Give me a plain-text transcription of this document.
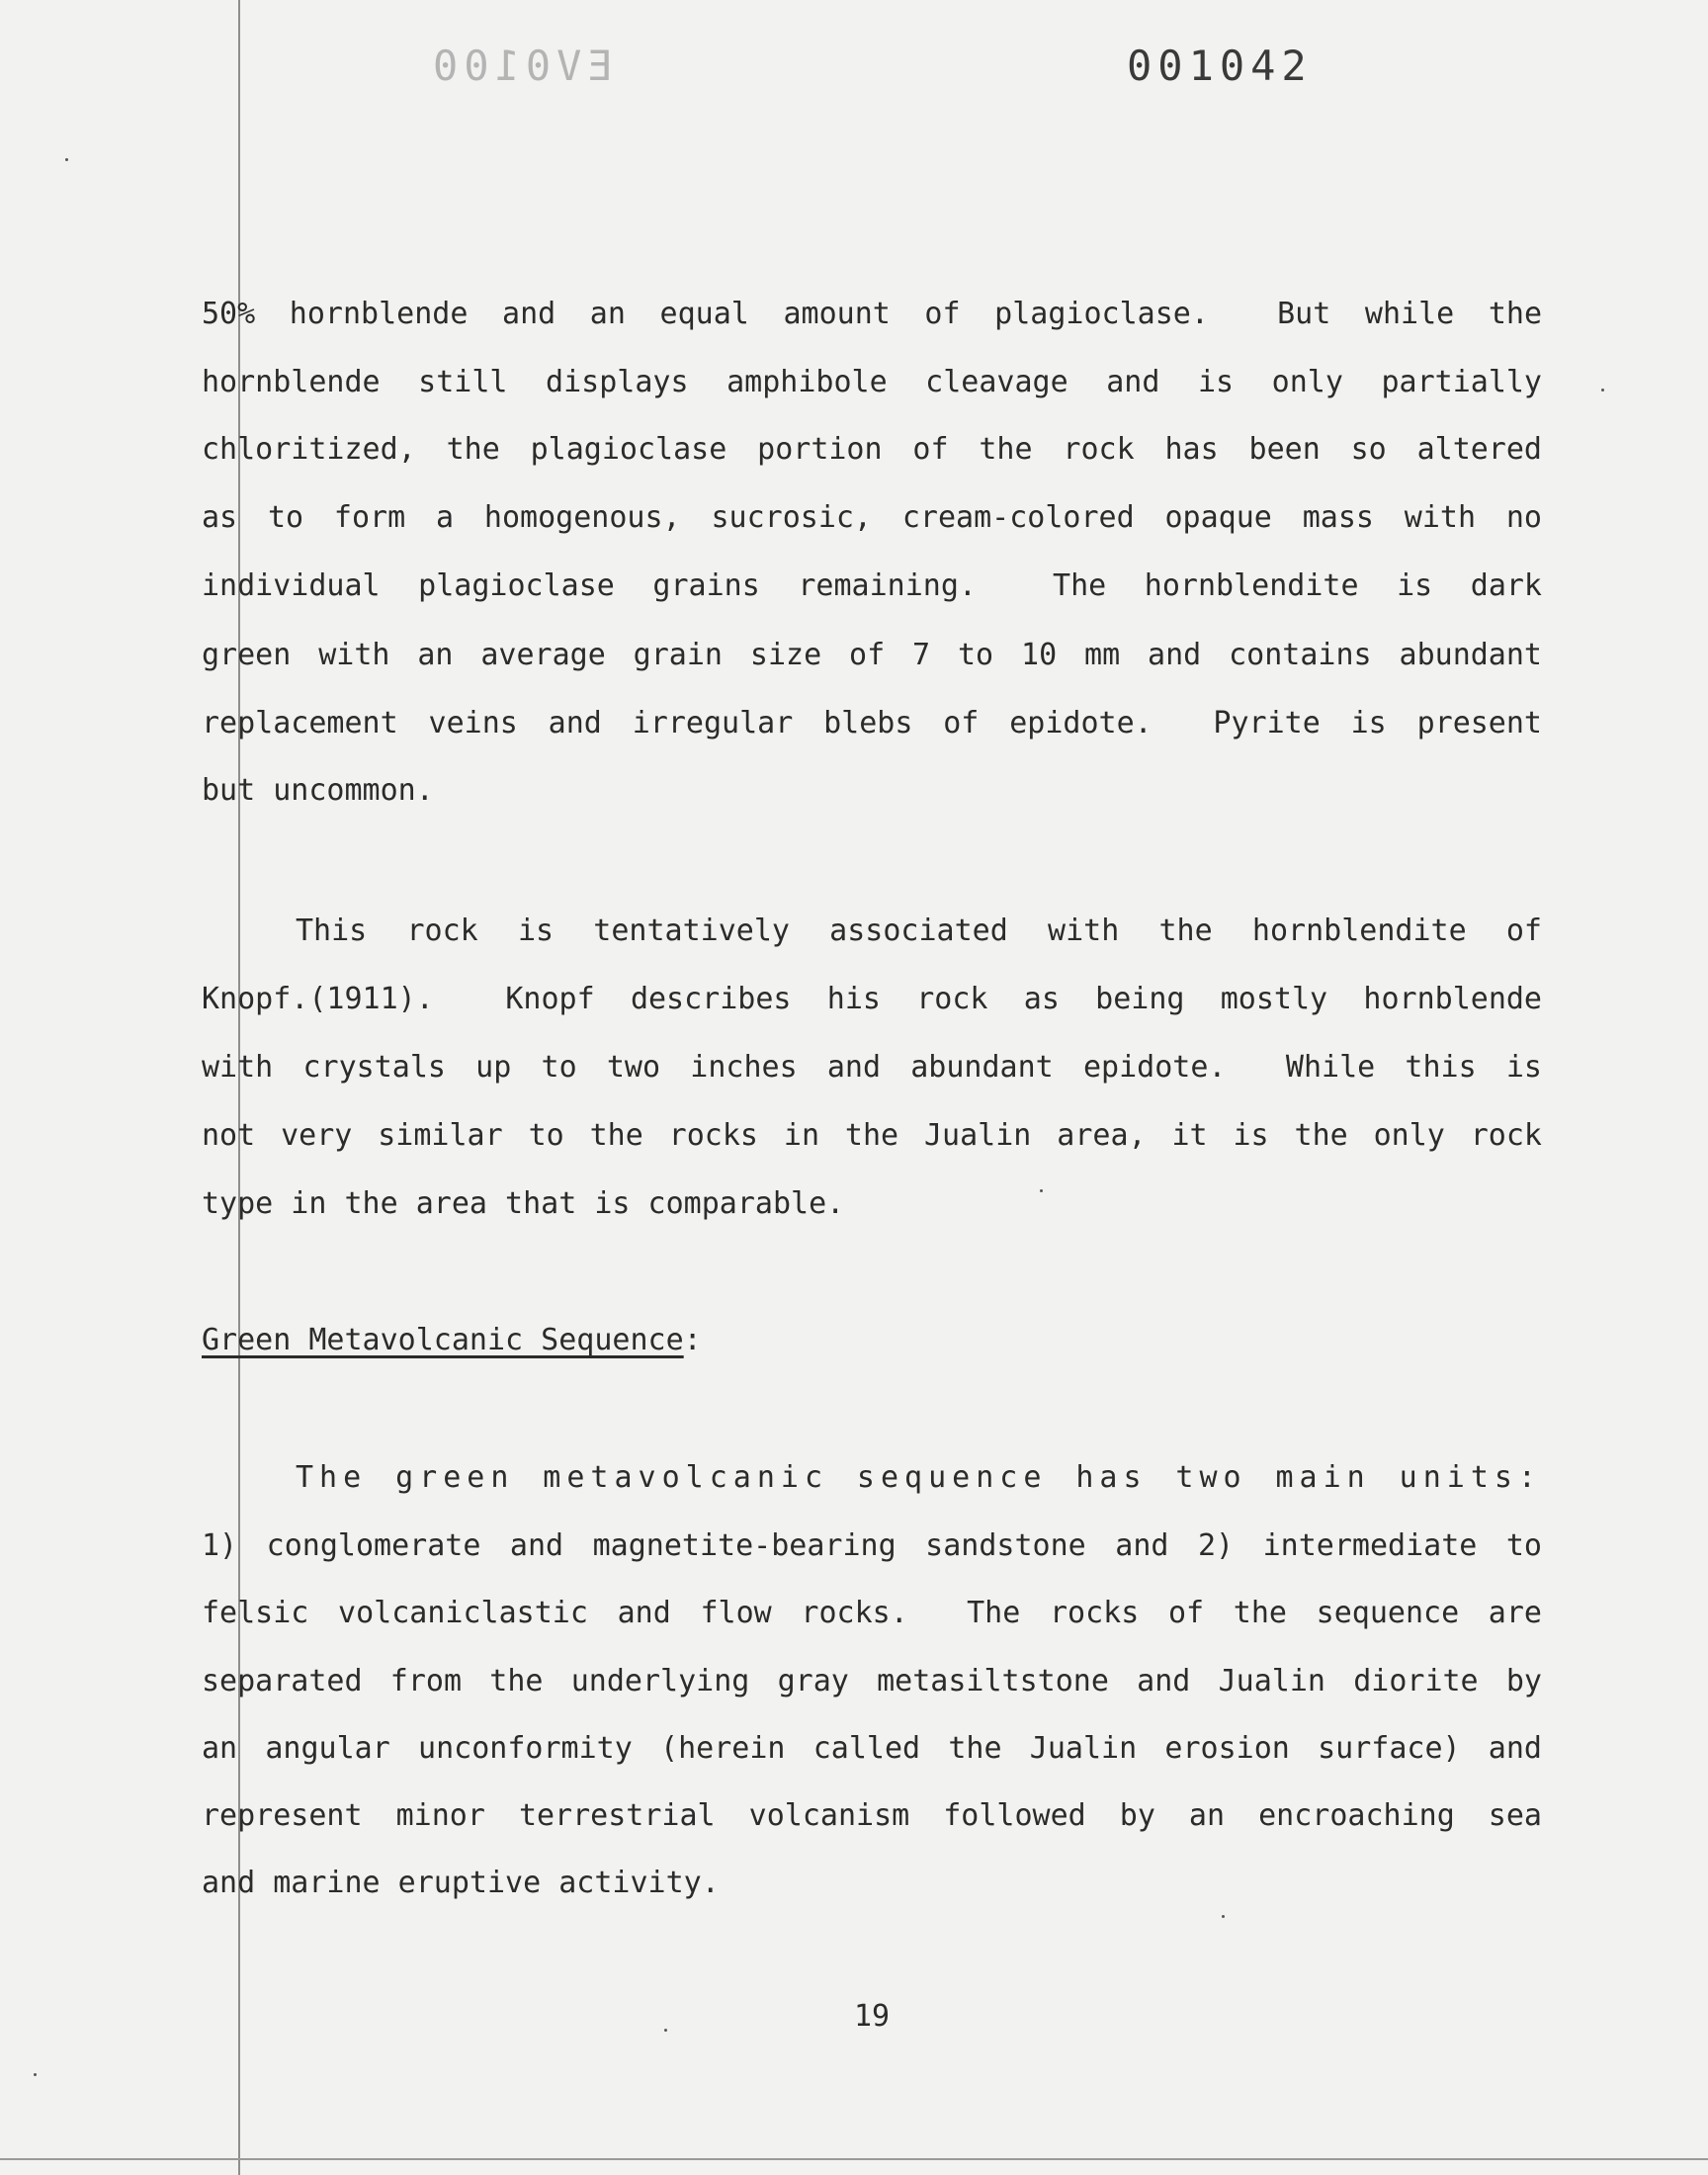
EV0100	001042
50% hornblende and an equal amount of plagioclase.  But while the
hornblende still displays amphibole cleavage and is only partially
chloritized, the plagioclase portion of the rock has been so altered
as to form a homogenous, sucrosic, cream-colored opaque mass with no
individual plagioclase grains remaining.  The hornblendite is dark
green with an average grain size of 7 to 10 mm and contains abundant
replacement veins and irregular blebs of epidote.  Pyrite is present
but uncommon.
This rock is tentatively associated with the hornblendite of
Knopf.(1911).  Knopf describes his rock as being mostly hornblende
with crystals up to two inches and abundant epidote.  While this is
not very similar to the rocks in the Jualin area, it is the only rock
type in the area that is comparable.
Green Metavolcanic Sequence:
The green metavolcanic sequence has two main units:
1) conglomerate and magnetite-bearing sandstone and 2) intermediate to
felsic volcaniclastic and flow rocks.  The rocks of the sequence are
separated from the underlying gray metasiltstone and Jualin diorite by
an angular unconformity (herein called the Jualin erosion surface) and
represent minor terrestrial volcanism followed by an encroaching sea
and marine eruptive activity.
19
